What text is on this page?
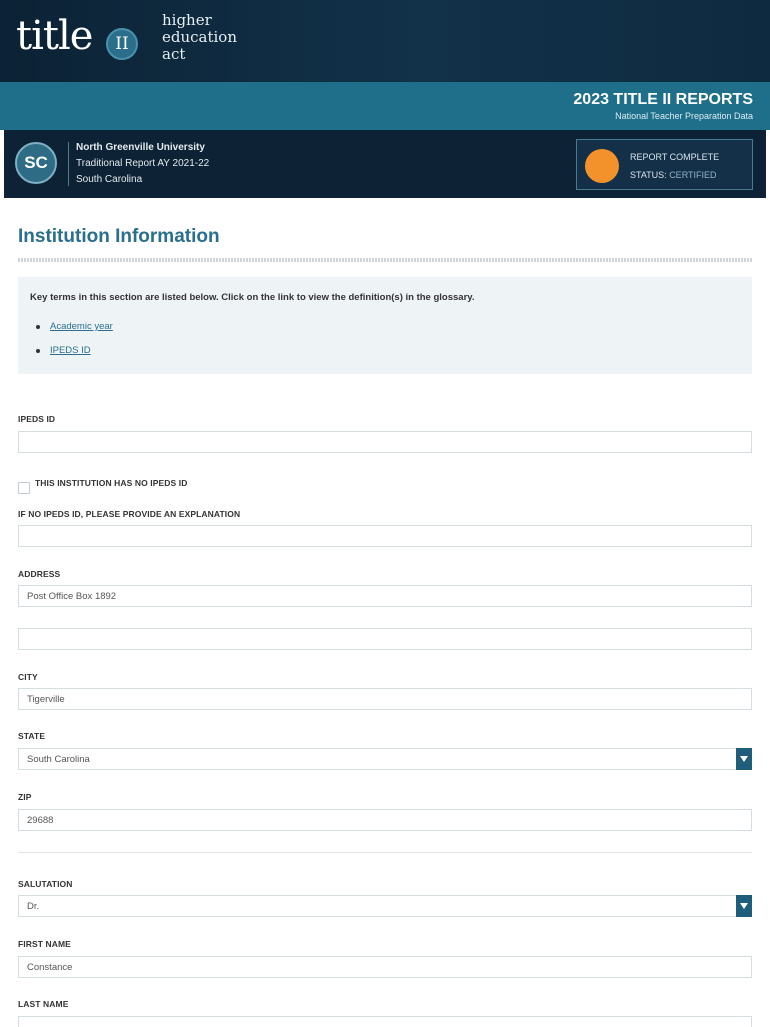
title	II
higher
education
act
2023 TITLE II REPORTS
National Teacher Preparation Data
SC
North Greenville University
Traditional Report AY 2021-22
South Carolina
REPORT COMPLETE
STATUS: CERTIFIED
Institution Information
Key terms in this section are listed below. Click on the link to view the definition(s) in the glossary.
Academic year
IPEDS ID
IPEDS ID
THIS INSTITUTION HAS NO IPEDS ID
IF NO IPEDS ID, PLEASE PROVIDE AN EXPLANATION
ADDRESS
Post Office Box 1892
CITY
Tigerville
STATE
South Carolina
ZIP
29688
SALUTATION
Dr.
FIRST NAME
Constance
LAST NAME
